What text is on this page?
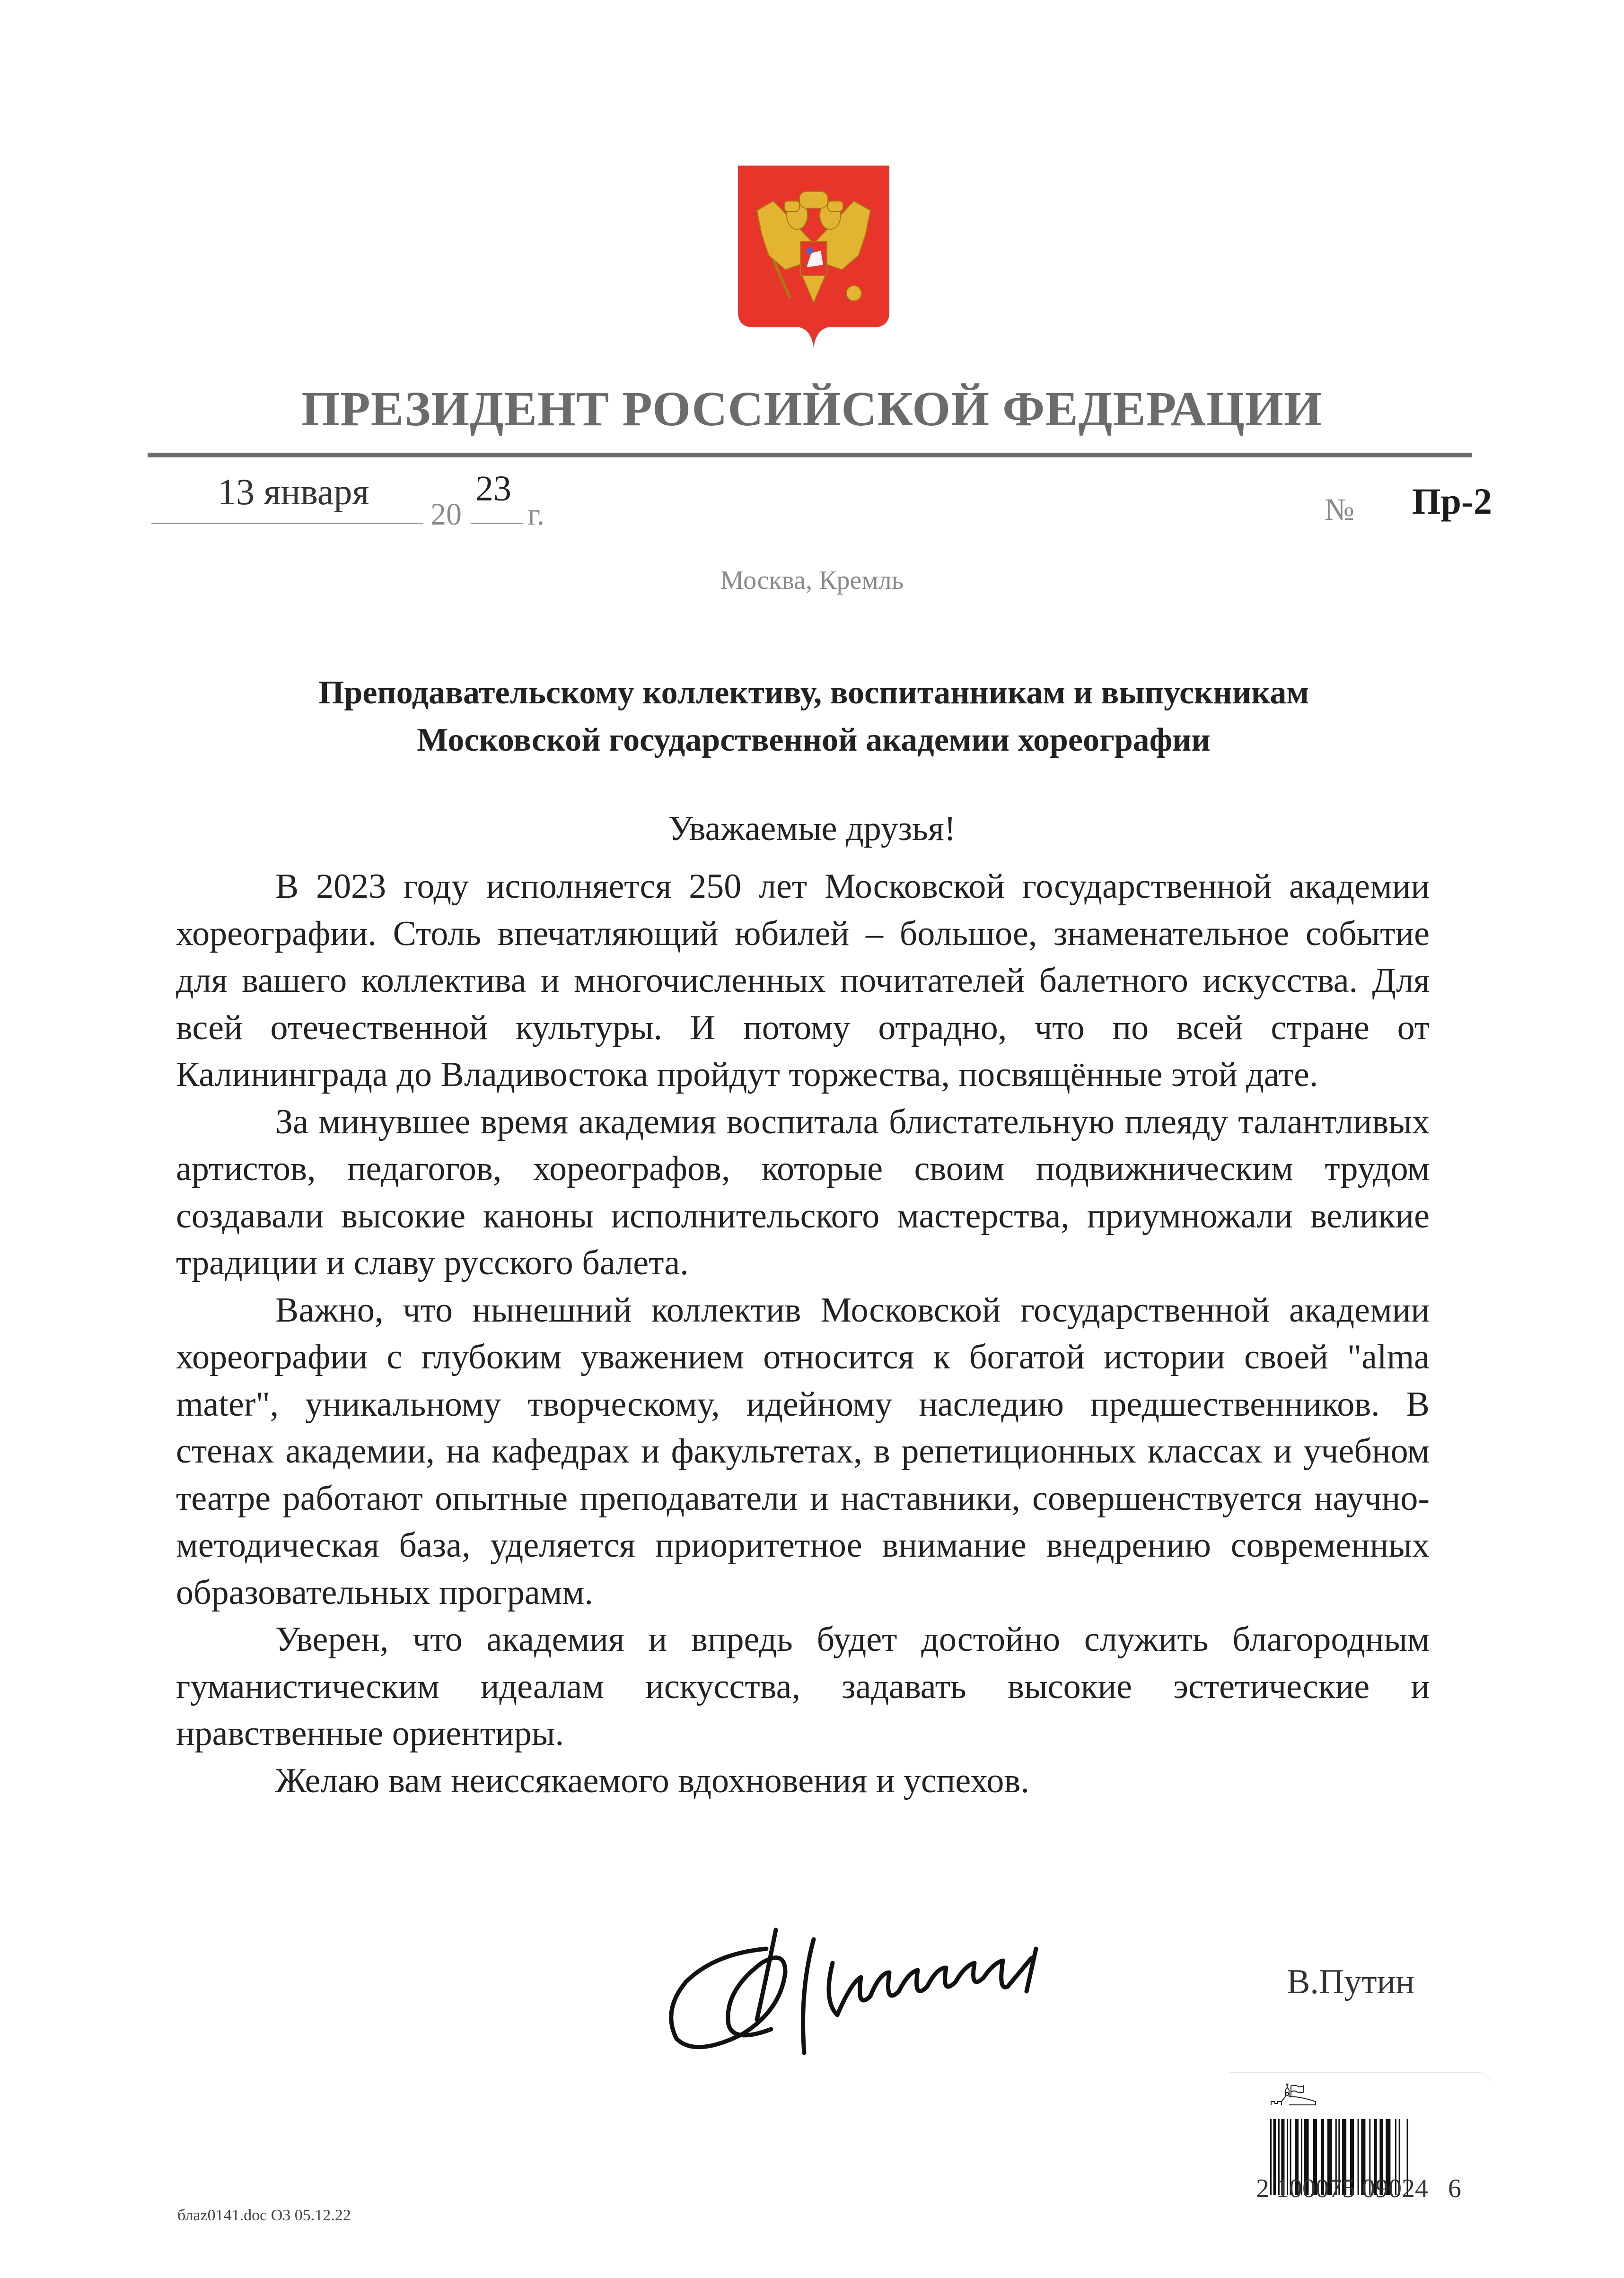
ПРЕЗИДЕНТ РОССИЙСКОЙ ФЕДЕРАЦИИ
13 января
20
23
г.	№ Пр-2
Москва, Кремль
Преподавательскому коллективу, воспитанникам и выпускникам
Московской государственной академии хореографии
Уважаемые друзья!

В 2023 году исполняется 250 лет Московской государственной академии хореографии. Столь впечатляющий юбилей – большое, знаменательное событие для вашего коллектива и многочисленных почитателей балетного искусства. Для всей отечественной культуры. И потому отрадно, что по всей стране от Калининграда до Владивостока пройдут торжества, посвящённые этой дате.

За минувшее время академия воспитала блистательную плеяду талантливых артистов, педагогов, хореографов, которые своим подвижническим трудом создавали высокие каноны исполнительского мастерства, приумножали великие традиции и славу русского балета.

Важно, что нынешний коллектив Московской государственной академии хореографии с глубоким уважением относится к богатой истории своей "alma mater", уникальному творческому, идейному наследию предшественников. В стенах академии, на кафедрах и факультетах, в репетиционных классах и учебном театре работают опытные преподаватели и наставники, совершенствуется научно-методическая база, уделяется приоритетное внимание внедрению современных образовательных программ.

Уверен, что академия и впредь будет достойно служить благородным гуманистическим идеалам искусства, задавать высокие эстетические и нравственные ориентиры.

Желаю вам неиссякаемого вдохновения и успехов.

В.Путин
2 100075 09024   6
блаz0141.doc О3 05.12.22
